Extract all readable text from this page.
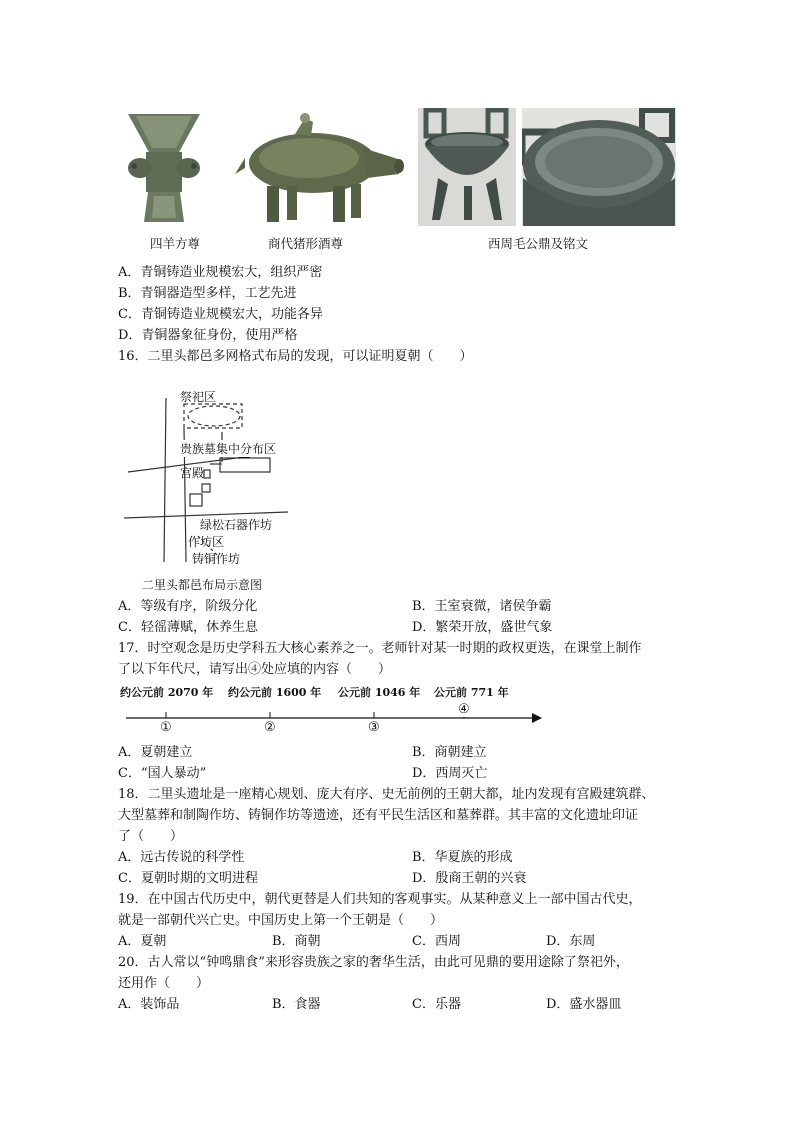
四羊方尊	商代猪形酒尊	西周毛公鼎及铭文
A．青铜铸造业规模宏大，组织严密
B．青铜器造型多样，工艺先进
C．青铜铸造业规模宏大，功能各异
D．青铜器象征身份，使用严格
16．二里头都邑多网格式布局的发现，可以证明夏朝（　　）
祭祀区
贵族墓集中分布区
宫殿
绿松石器作坊
作坊区
铸铜作坊
二里头都邑布局示意图
A．等级有序，阶级分化	B．王室衰微，诸侯争霸
C．轻徭薄赋，休养生息	D．繁荣开放，盛世气象
17．时空观念是历史学科五大核心素养之一。老师针对某一时期的政权更迭，在课堂上制作
了以下年代尺，请写出④处应填的内容（　　）
约公元前 2070 年 约公元前 1600 年 公元前 1046 年 公元前 771 年
①	②	③
④
A．夏朝建立	B．商朝建立
C．“国人暴动”	D．西周灭亡
18．二里头遗址是一座精心规划、庞大有序、史无前例的王朝大都，址内发现有宫殿建筑群、
大型墓葬和制陶作坊、铸铜作坊等遗迹，还有平民生活区和墓葬群。其丰富的文化遗址印证
了（　　）
A．远古传说的科学性	B．华夏族的形成
C．夏朝时期的文明进程	D．殷商王朝的兴衰
19．在中国古代历史中，朝代更替是人们共知的客观事实。从某种意义上一部中国古代史，
就是一部朝代兴亡史。中国历史上第一个王朝是（　　）
A．夏朝	B．商朝	C．西周	D．东周
20．古人常以“钟鸣鼎食”来形容贵族之家的奢华生活，由此可见鼎的要用途除了祭祀外，
还用作（　　）
A．装饰品	B．食器	C．乐器	D．盛水器皿
